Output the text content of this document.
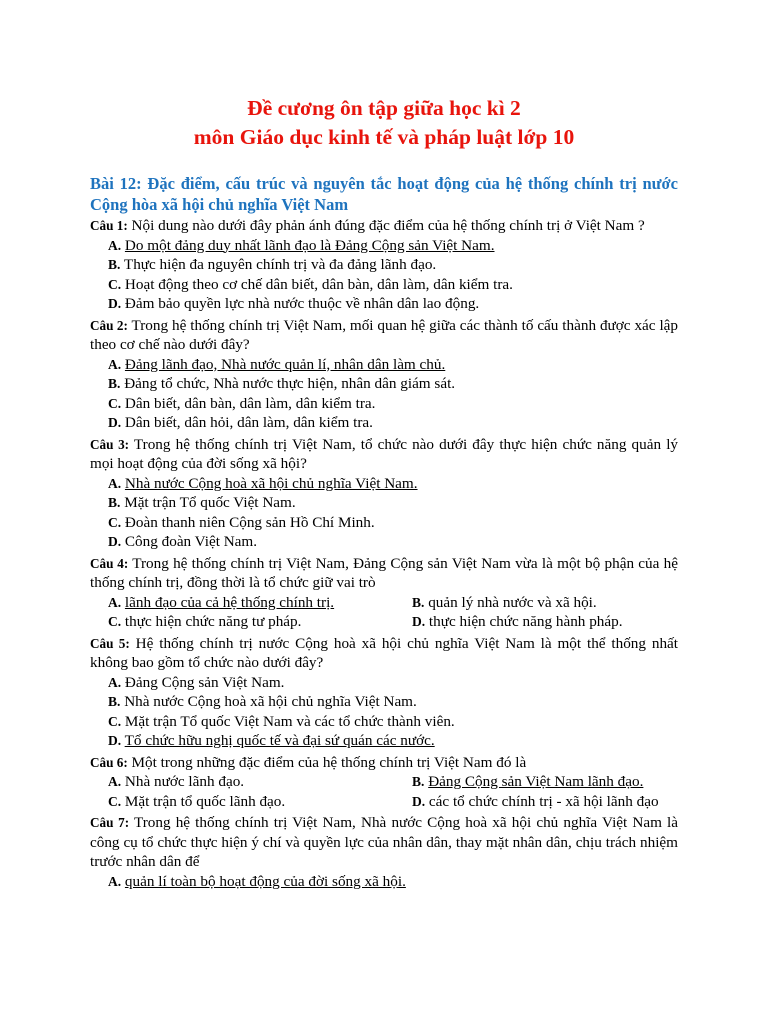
Đề cương ôn tập giữa học kì 2

môn Giáo dục kinh tế và pháp luật lớp 10

Bài 12: Đặc điểm, cấu trúc và nguyên tắc hoạt động của hệ thống chính trị nước Cộng hòa xã hội chủ nghĩa Việt Nam

Câu 1: Nội dung nào dưới đây phản ánh đúng đặc điểm của hệ thống chính trị ở Việt Nam ?

A. Do một đảng duy nhất lãnh đạo là Đảng Cộng sản Việt Nam.
B. Thực hiện đa nguyên chính trị và đa đảng lãnh đạo.
C. Hoạt động theo cơ chế dân biết, dân bàn, dân làm, dân kiểm tra.
D. Đảm bảo quyền lực nhà nước thuộc về nhân dân lao động.

Câu 2: Trong hệ thống chính trị Việt Nam, mối quan hệ giữa các thành tố cấu thành được xác lập theo cơ chế nào dưới đây?

A. Đảng lãnh đạo, Nhà nước quản lí, nhân dân làm chủ.
B. Đảng tổ chức, Nhà nước thực hiện, nhân dân giám sát.
C. Dân biết, dân bàn, dân làm, dân kiểm tra.
D. Dân biết, dân hỏi, dân làm, dân kiểm tra.

Câu 3: Trong hệ thống chính trị Việt Nam, tổ chức nào dưới đây thực hiện chức năng quản lý mọi hoạt động của đời sống xã hội?

A. Nhà nước Cộng hoà xã hội chủ nghĩa Việt Nam.
B. Mặt trận Tổ quốc Việt Nam.
C. Đoàn thanh niên Cộng sản Hồ Chí Minh.
D. Công đoàn Việt Nam.

Câu 4: Trong hệ thống chính trị Việt Nam, Đảng Cộng sản Việt Nam vừa là một bộ phận của hệ thống chính trị, đồng thời là tổ chức giữ vai trò

A. lãnh đạo của cả hệ thống chính trị.	B. quản lý nhà nước và xã hội.
C. thực hiện chức năng tư pháp.	D. thực hiện chức năng hành pháp.

Câu 5: Hệ thống chính trị nước Cộng hoà xã hội chủ nghĩa Việt Nam là một thể thống nhất không bao gồm tổ chức nào dưới đây?

A. Đảng Cộng sản Việt Nam.
B. Nhà nước Cộng hoà xã hội chủ nghĩa Việt Nam.
C. Mặt trận Tổ quốc Việt Nam và các tổ chức thành viên.
D. Tổ chức hữu nghị quốc tế và đại sứ quán các nước.

Câu 6: Một trong những đặc điểm của hệ thống chính trị Việt Nam đó là

A. Nhà nước lãnh đạo.	B. Đảng Cộng sản Việt Nam lãnh đạo.
C. Mặt trận tổ quốc lãnh đạo.	D. các tổ chức chính trị - xã hội lãnh đạo

Câu 7: Trong hệ thống chính trị Việt Nam, Nhà nước Cộng hoà xã hội chủ nghĩa Việt Nam là công cụ tổ chức thực hiện ý chí và quyền lực của nhân dân, thay mặt nhân dân, chịu trách nhiệm trước nhân dân để

A. quản lí toàn bộ hoạt động của đời sống xã hội.
